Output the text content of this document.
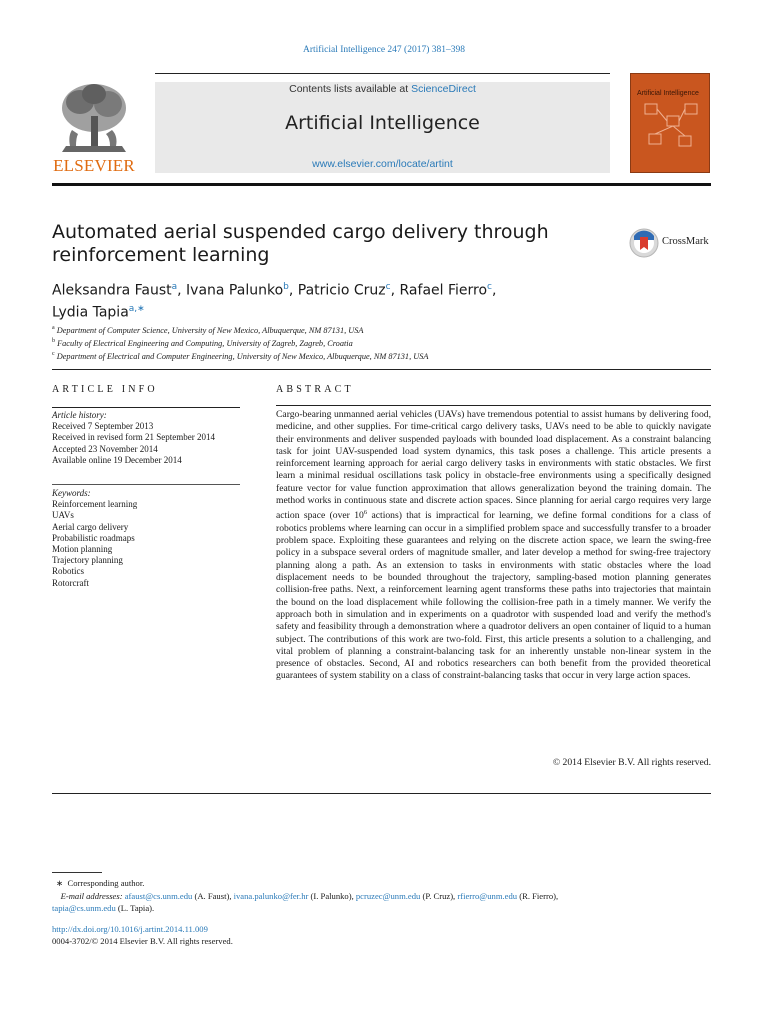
Artificial Intelligence 247 (2017) 381–398
Contents lists available at ScienceDirect
Artificial Intelligence
www.elsevier.com/locate/artint
ELSEVIER
Artificial Intelligence
Automated aerial suspended cargo delivery through reinforcement learning
CrossMark
Aleksandra Faust$^a$, Ivana Palunko$^b$, Patricio Cruz$^c$, Rafael Fierro$^c$,
Lydia Tapia$^{a,∗}$
$^a$ Department of Computer Science, University of New Mexico, Albuquerque, NM 87131, USA
$^b$ Faculty of Electrical Engineering and Computing, University of Zagreb, Zagreb, Croatia
$^c$ Department of Electrical and Computer Engineering, University of New Mexico, Albuquerque, NM 87131, USA
ARTICLE INFO
Article history:
Received 7 September 2013
Received in revised form 21 September 2014
Accepted 23 November 2014
Available online 19 December 2014
Keywords:
Reinforcement learning
UAVs
Aerial cargo delivery
Probabilistic roadmaps
Motion planning
Trajectory planning
Robotics
Rotorcraft
ABSTRACT
Cargo-bearing unmanned aerial vehicles (UAVs) have tremendous potential to assist humans by delivering food, medicine, and other supplies. For time-critical cargo delivery tasks, UAVs need to be able to quickly navigate their environments and deliver suspended payloads with bounded load displacement. As a constraint balancing task for joint UAV-suspended load system dynamics, this task poses a challenge. This article presents a reinforcement learning approach for aerial cargo delivery tasks in environments with static obstacles. We first learn a minimal residual oscillations task policy in obstacle-free environments using a specifically designed feature vector for value function approximation that allows generalization beyond the training domain. The method works in continuous state and discrete action spaces. Since planning for aerial cargo requires very large action space (over $10^6$ actions) that is impractical for learning, we define formal conditions for a class of robotics problems where learning can occur in a simplified problem space and successfully transfer to a broader problem space. Exploiting these guarantees and relying on the discrete action space, we learn the swing-free policy in a subspace several orders of magnitude smaller, and later develop a method for swing-free trajectory planning along a path. As an extension to tasks in environments with static obstacles where the load displacement needs to be bounded throughout the trajectory, sampling-based motion planning generates collision-free paths. Next, a reinforcement learning agent transforms these paths into trajectories that maintain the bound on the load displacement while following the collision-free path in a timely manner. We verify the approach both in simulation and in experiments on a quadrotor with suspended load and verify the method's safety and feasibility through a demonstration where a quadrotor delivers an open container of liquid to a human subject. The contributions of this work are two-fold. First, this article presents a solution to a challenging, and vital problem of planning a constraint-balancing task for an inherently unstable non-linear system in the presence of obstacles. Second, AI and robotics researchers can both benefit from the provided theoretical guarantees of system stability on a class of constraint-balancing tasks that occur in very large action spaces.
© 2014 Elsevier B.V. All rights reserved.
∗ Corresponding author.
E-mail addresses: afaust@cs.unm.edu (A. Faust), ivana.palunko@fer.hr (I. Palunko), pcruzec@unm.edu (P. Cruz), rfierro@unm.edu (R. Fierro),
tapia@cs.unm.edu (L. Tapia).
http://dx.doi.org/10.1016/j.artint.2014.11.009
0004-3702/© 2014 Elsevier B.V. All rights reserved.
